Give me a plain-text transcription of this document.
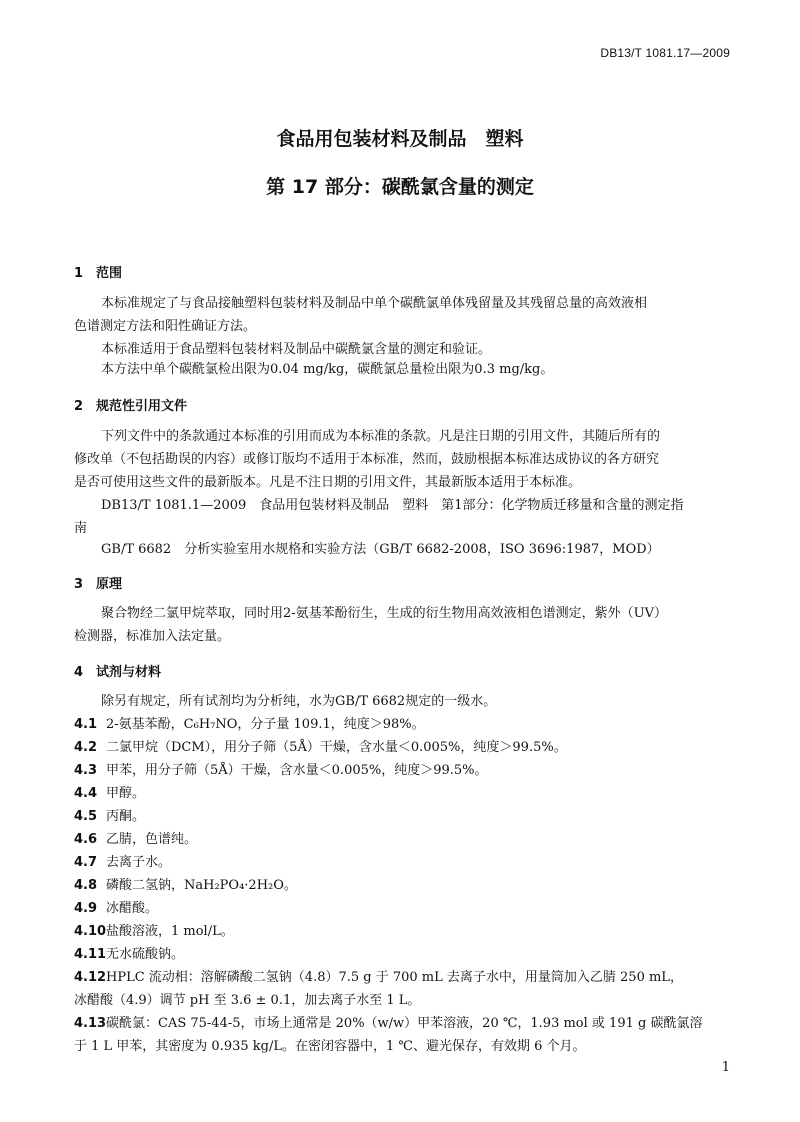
DB13/T 1081.17—2009
食品用包装材料及制品　塑料
第 17 部分：碳酰氯含量的测定
1 范围
本标准规定了与食品接触塑料包装材料及制品中单个碳酰氯单体残留量及其残留总量的高效液相
色谱测定方法和阳性确证方法。
本标准适用于食品塑料包装材料及制品中碳酰氯含量的测定和验证。
本方法中单个碳酰氯检出限为0.04 mg/kg，碳酰氯总量检出限为0.3 mg/kg。
2 规范性引用文件
下列文件中的条款通过本标准的引用而成为本标准的条款。凡是注日期的引用文件，其随后所有的
修改单（不包括勘误的内容）或修订版均不适用于本标准，然而，鼓励根据本标准达成协议的各方研究
是否可使用这些文件的最新版本。凡是不注日期的引用文件，其最新版本适用于本标准。
DB13/T 1081.1—2009　食品用包装材料及制品　塑料　第1部分：化学物质迁移量和含量的测定指
南
GB/T 6682　分析实验室用水规格和实验方法（GB/T 6682-2008，ISO 3696:1987，MOD）
3 原理
聚合物经二氯甲烷萃取，同时用2-氨基苯酚衍生，生成的衍生物用高效液相色谱测定，紫外（UV）
检测器，标准加入法定量。
4 试剂与材料
除另有规定，所有试剂均为分析纯，水为GB/T 6682规定的一级水。
4.1 2-氨基苯酚，C₆H₇NO，分子量 109.1，纯度＞98%。
4.2 二氯甲烷（DCM），用分子筛（5Å）干燥，含水量＜0.005%，纯度＞99.5%。
4.3 甲苯，用分子筛（5Å）干燥，含水量＜0.005%，纯度＞99.5%。
4.4 甲醇。
4.5 丙酮。
4.6 乙腈，色谱纯。
4.7 去离子水。
4.8 磷酸二氢钠，NaH₂PO₄·2H₂O。
4.9 冰醋酸。
4.10盐酸溶液，1 mol/L。
4.11无水硫酸钠。
4.12HPLC 流动相：溶解磷酸二氢钠（4.8）7.5 g 于 700 mL 去离子水中，用量筒加入乙腈 250 mL，
冰醋酸（4.9）调节 pH 至 3.6 ± 0.1，加去离子水至 1 L。
4.13碳酰氯：CAS 75-44-5，市场上通常是 20%（w/w）甲苯溶液，20 ℃，1.93 mol 或 191 g 碳酰氯溶
于 1 L 甲苯，其密度为 0.935 kg/L。在密闭容器中，1 ℃、避光保存，有效期 6 个月。
1
